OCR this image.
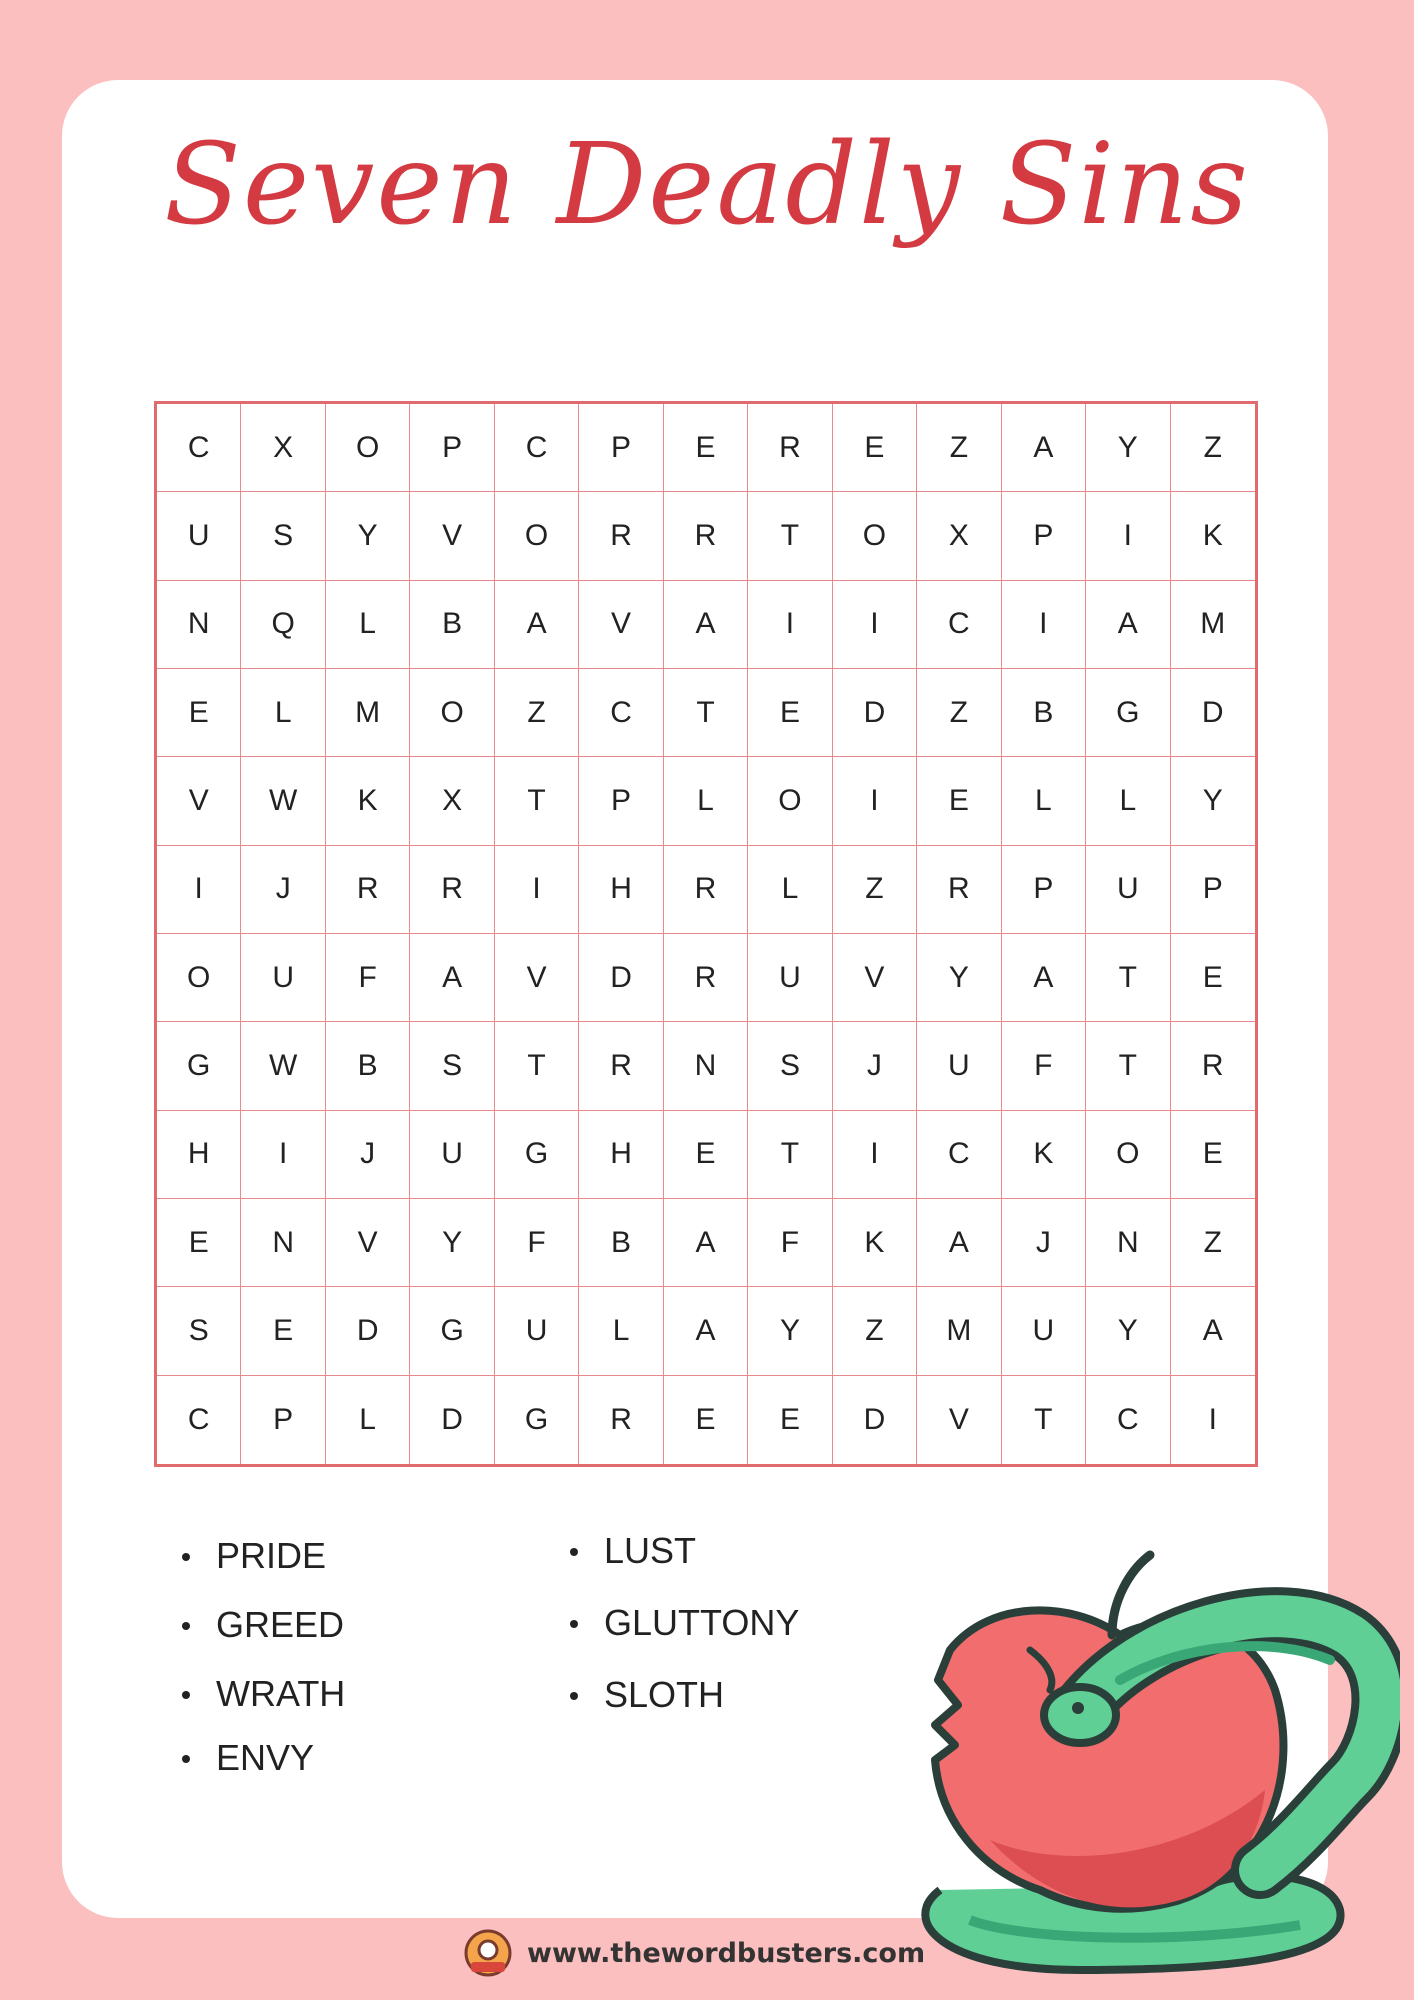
Seven Deadly Sins
C	X	O	P	C	P	E	R	E	Z	A	Y	Z
U	S	Y	V	O	R	R	T	O	X	P	I	K
N	Q	L	B	A	V	A	I	I	C	I	A	M
E	L	M	O	Z	C	T	E	D	Z	B	G	D
V	W	K	X	T	P	L	O	I	E	L	L	Y
I	J	R	R	I	H	R	L	Z	R	P	U	P
O	U	F	A	V	D	R	U	V	Y	A	T	E
G	W	B	S	T	R	N	S	J	U	F	T	R
H	I	J	U	G	H	E	T	I	C	K	O	E
E	N	V	Y	F	B	A	F	K	A	J	N	Z
S	E	D	G	U	L	A	Y	Z	M	U	Y	A
C	P	L	D	G	R	E	E	D	V	T	C	I
PRIDE
GREED
WRATH
ENVY
LUST
GLUTTONY
SLOTH
www.thewordbusters.com
